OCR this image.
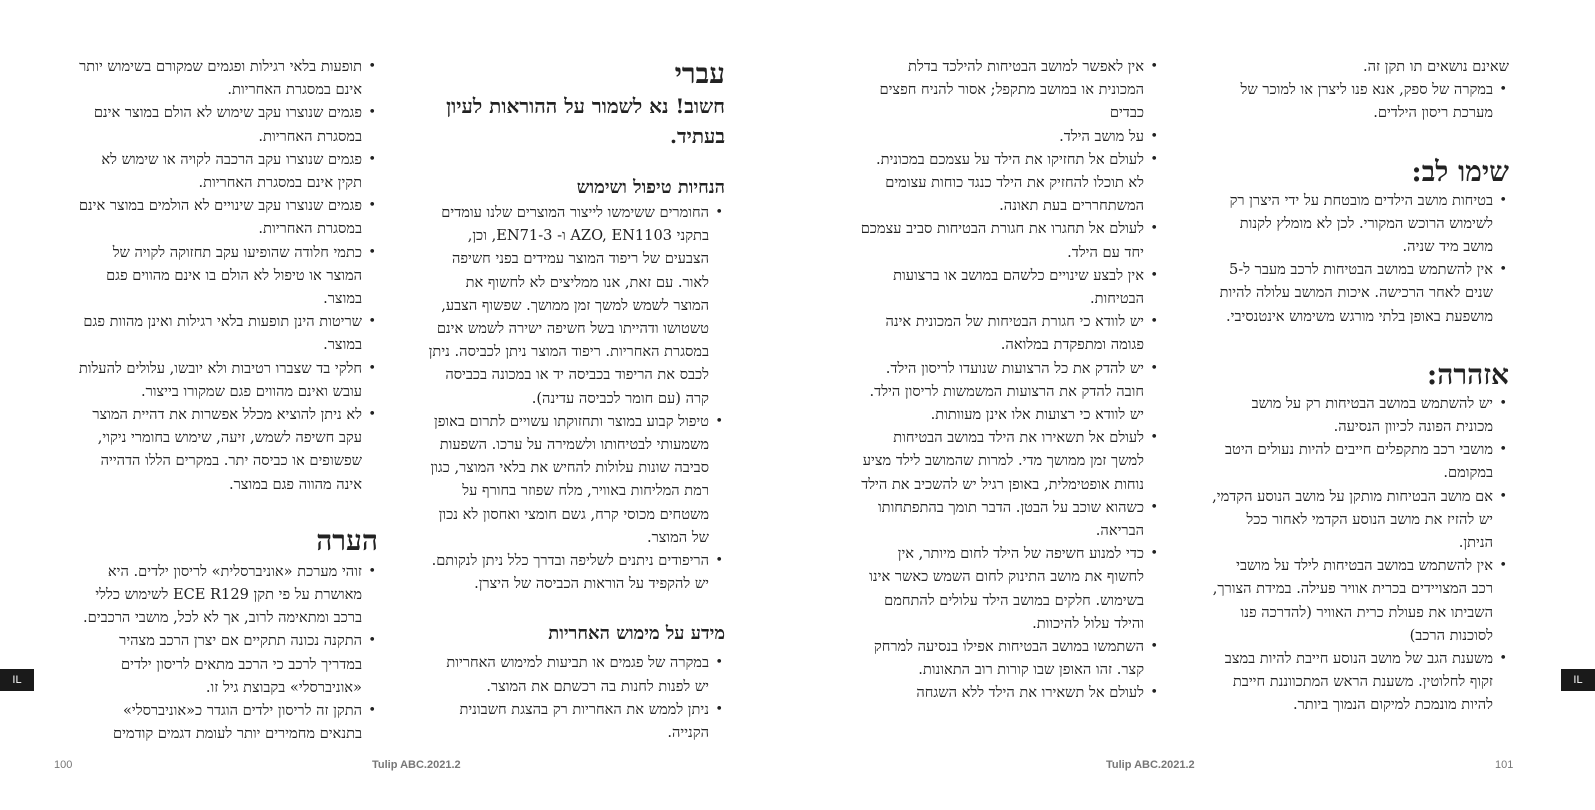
• תופעות בלאי רגילות ופגמים שמקורם בשימוש יותר אינם במסגרת האחריות.
• פגמים שנוצרו עקב שימוש לא הולם במוצר אינם במסגרת האחריות.
• פגמים שנוצרו עקב הרכבה לקויה או שימוש לא תקין אינם במסגרת האחריות.
• פגמים שנוצרו עקב שינויים לא הולמים במוצר אינם במסגרת האחריות.
• כתמי חלודה שהופיעו עקב תחזוקה לקויה של המוצר או טיפול לא הולם בו אינם מהווים פגם במוצר.
• שריטות הינן תופעות בלאי רגילות ואינן מהוות פגם במוצר.
• חלקי בד שצברו רטיבות ולא יובשו, עלולים להעלות עובש ואינם מהווים פגם שמקורו בייצור.
• לא ניתן להוציא מכלל אפשרות את דהיית המוצר עקב חשיפה לשמש, זיעה, שימוש בחומרי ניקוי, שפשופים או כביסה יתר. במקרים הללו הדהייה אינה מהווה פגם במוצר.
הערה
• זוהי מערכת «אוניברסלית» לריסון ילדים. היא מאושרת על פי תקן ECE R129 לשימוש כללי ברכב ומתאימה לרוב, אך לא לכל, מושבי הרכבים.
• התקנה נכונה תתקיים אם יצרן הרכב מצהיר במדריך לרכב כי הרכב מתאים לריסון ילדים «אוניברסלי» בקבוצת גיל זו.
• התקן זה לריסון ילדים הוגדר כ«אוניברסלי» בתנאים מחמירים יותר לעומת דגמים קודמים
עברי
חשוב! נא לשמור על ההוראות לעיון בעתיד.
הנחיות טיפול ושימוש
• החומרים ששימשו לייצור המוצרים שלנו עומדים בתקני AZO, EN1103 ו- EN71-3, וכן, הצבעים של ריפוד המוצר עמידים בפני חשיפה לאור. עם זאת, אנו ממליצים לא לחשוף את המוצר לשמש למשך זמן ממושך. שפשוף הצבע, טשטושו ודהייתו בשל חשיפה ישירה לשמש אינם במסגרת האחריות. ריפוד המוצר ניתן לכביסה. ניתן לכבס את הריפוד בכביסה יד או במכונה בכביסה קרה (עם חומר לכביסה עדינה).
• טיפול קבוע במוצר ותחזוקתו עשויים לתרום באופן משמעותי לבטיחותו ולשמירה על ערכו. השפעות סביבה שונות עלולות להחיש את בלאי המוצר, כגון רמת המליחות באוויר, מלח שפוזר בחורף על משטחים מכוסי קרח, גשם חומצי ואחסון לא נכון של המוצר.
• הריפודים ניתנים לשליפה ובדרך כלל ניתן לנקותם. יש להקפיד על הוראות הכביסה של היצרן.
מידע על מימוש האחריות
• במקרה של פגמים או תביעות למימוש האחריות יש לפנות לחנות בה רכשתם את המוצר.
• ניתן לממש את האחריות רק בהצגת חשבונית הקנייה.
• אין לאפשר למושב הבטיחות להילכד בדלת המכונית או במושב מתקפל; אסור להניח חפצים כבדים
• על מושב הילד.
• לעולם אל תחזיקו את הילד על עצמכם במכונית. לא תוכלו להחזיק את הילד כנגד כוחות עצומים המשתחררים בעת תאונה.
• לעולם אל תחגרו את חגורת הבטיחות סביב עצמכם יחד עם הילד.
• אין לבצע שינויים כלשהם במושב או ברצועות הבטיחות.
• יש לוודא כי חגורת הבטיחות של המכונית אינה פגומה ומתפקדת במלואה.
• יש להדק את כל הרצועות שנועדו לריסון הילד. חובה להדק את הרצועות המשמשות לריסון הילד. יש לוודא כי רצועות אלו אינן מעוותות.
• לעולם אל תשאירו את הילד במושב הבטיחות למשך זמן ממושך מדי. למרות שהמושב לילד מציע נוחות אופטימלית, באופן רגיל יש להשכיב את הילד
• כשהוא שוכב על הבטן. הדבר תומך בהתפתחותו הבריאה.
• כדי למנוע חשיפה של הילד לחום מיותר, אין לחשוף את מושב התינוק לחום השמש כאשר אינו בשימוש. חלקים במושב הילד עלולים להתחמם והילד עלול להיכוות.
• השתמשו במושב הבטיחות אפילו בנסיעה למרחק קצר. זהו האופן שבו קורות רוב התאונות.
• לעולם אל תשאירו את הילד ללא השגחה

שאינם נושאים תו תקן זה.

• במקרה של ספק, אנא פנו ליצרן או למוכר של מערכת ריסון הילדים.
שימו לב:
• בטיחות מושב הילדים מובטחת על ידי היצרן רק לשימוש הרוכש המקורי. לכן לא מומלץ לקנות מושב מיד שניה.
• אין להשתמש במושב הבטיחות לרכב מעבר ל-5 שנים לאחר הרכישה. איכות המושב עלולה להיות מושפעת באופן בלתי מורגש משימוש אינטנסיבי.
אזהרה:
• יש להשתמש במושב הבטיחות רק על מושב מכונית הפונה לכיוון הנסיעה.
• מושבי רכב מתקפלים חייבים להיות נעולים היטב במקומם.
• אם מושב הבטיחות מותקן על מושב הנוסע הקדמי, יש להזיז את מושב הנוסע הקדמי לאחור ככל הניתן.
• אין להשתמש במושב הבטיחות לילד על מושבי רכב המצויידים בכרית אוויר פעילה. במידת הצורך, השביתו את פעולת כרית האוויר (להדרכה פנו לסוכנות הרכב)
• משענת הגב של מושב הנוסע חייבת להיות במצב זקוף לחלוטין. משענת הראש המתכווננת חייבת להיות מונמכת למיקום הנמוך ביותר.
IL	IL
100	Tulip ABC.2021.2	Tulip ABC.2021.2	101
